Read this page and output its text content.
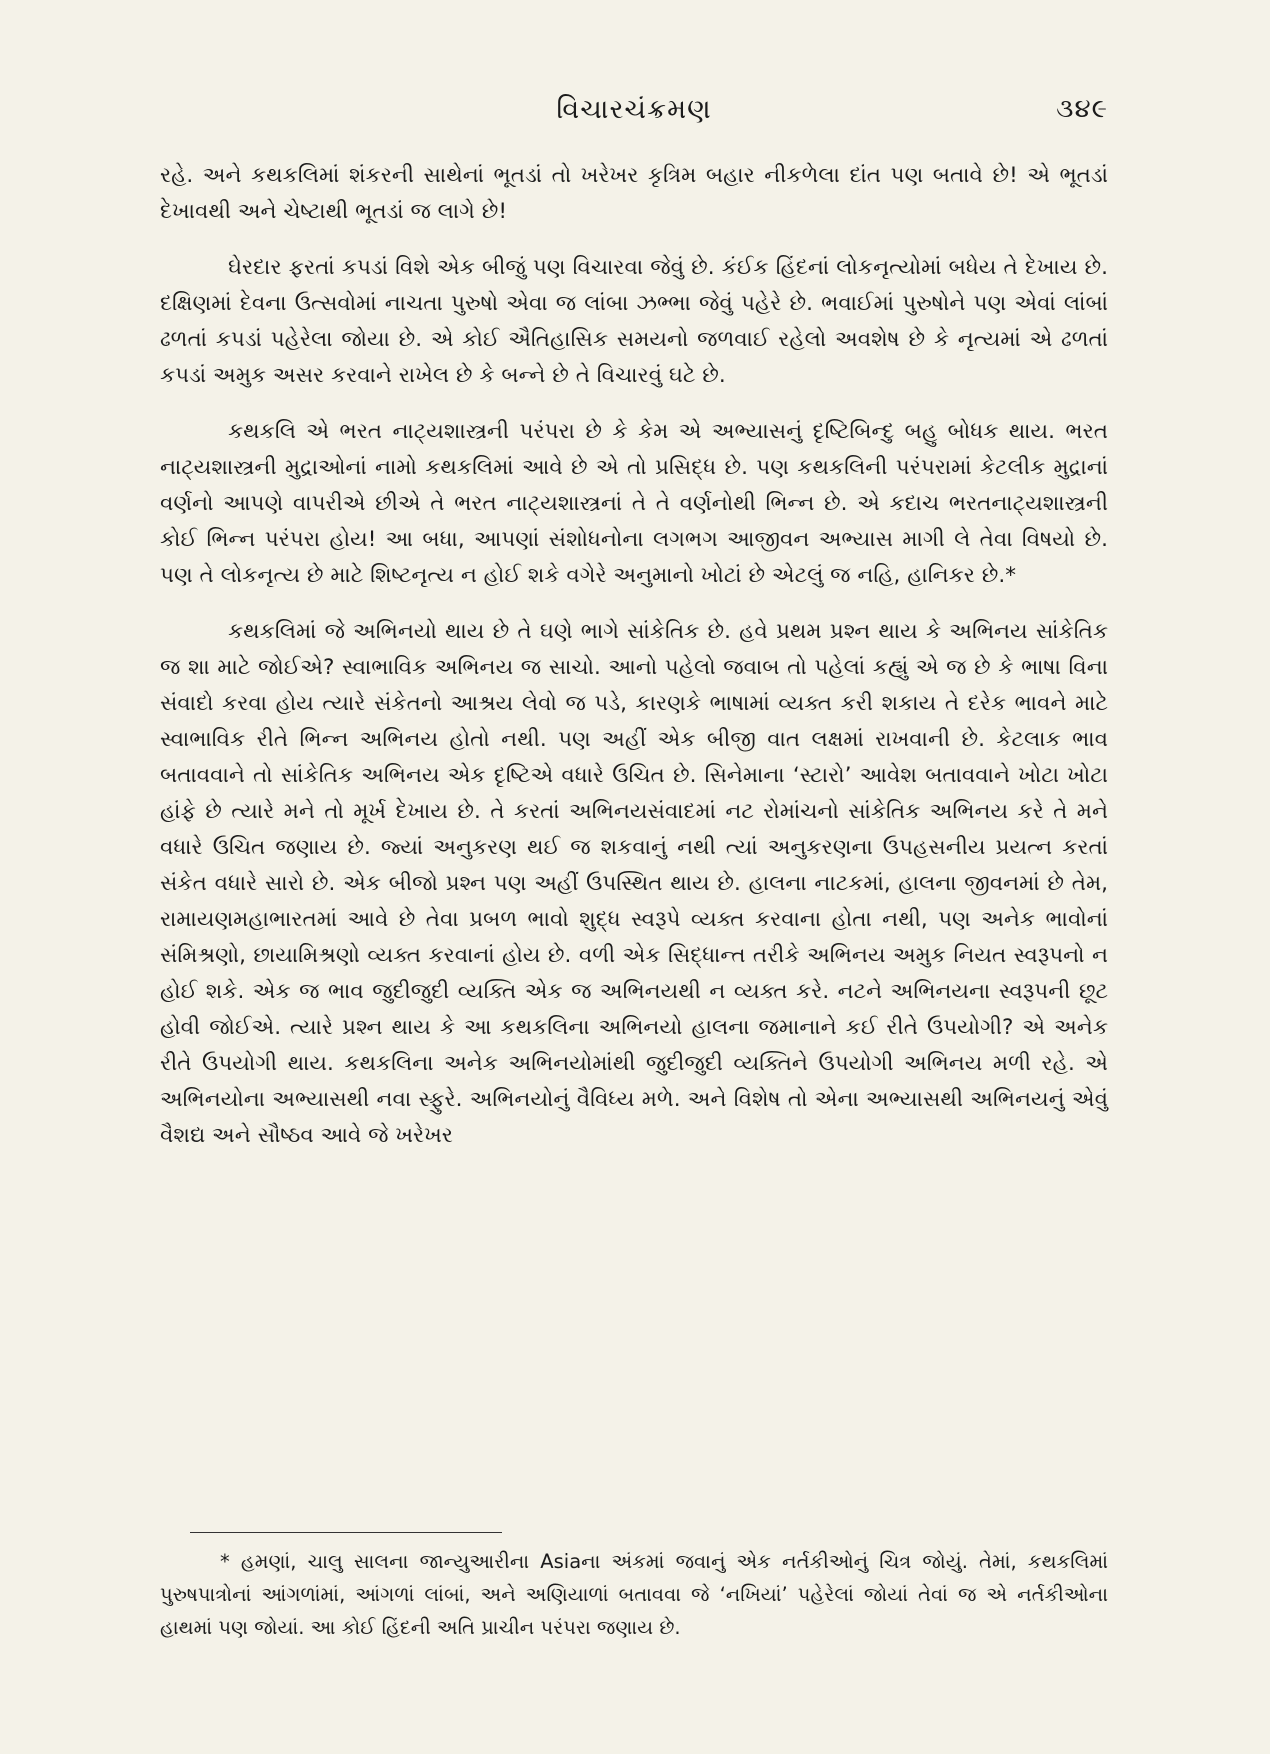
વિચારચંક્રમણ	૩૪૯

રહે. અને કથકલિમાં શંકરની સાથેનાં ભૂતડાં તો ખરેખર કૃત્રિમ બહાર નીકળેલા દાંત પણ બતાવે છે! એ ભૂતડાં દેખાવથી અને ચેષ્ટાથી ભૂતડાં જ લાગે છે!

ઘેરદાર ફરતાં કપડાં વિશે એક બીજું પણ વિચારવા જેવું છે. કંઈક હિંદનાં લોકનૃત્યોમાં બધેય તે દેખાય છે. દક્ષિણમાં દેવના ઉત્સવોમાં નાચતા પુરુષો એવા જ લાંબા ઝભ્ભા જેવું પહેરે છે. ભવાઈમાં પુરુષોને પણ એવાં લાંબાં ઢળતાં કપડાં પહેરેલા જોયા છે. એ કોઈ ઐતિહાસિક સમયનો જળવાઈ રહેલો અવશેષ છે કે નૃત્યમાં એ ઢળતાં કપડાં અમુક અસર કરવાને રાખેલ છે કે બન્ને છે તે વિચારવું ઘટે છે.

કથકલિ એ ભરત નાટ્યશાસ્ત્રની પરંપરા છે કે કેમ એ અભ્યાસનું દૃષ્ટિબિન્દુ બહુ બોધક થાય. ભરત નાટ્યશાસ્ત્રની મુદ્રાઓનાં નામો કથકલિમાં આવે છે એ તો પ્રસિદ્ધ છે. પણ કથકલિની પરંપરામાં કેટલીક મુદ્રાનાં વર્ણનો આપણે વાપરીએ છીએ તે ભરત નાટ્યશાસ્ત્રનાં તે તે વર્ણનોથી ભિન્ન છે. એ કદાચ ભરતનાટ્યશાસ્ત્રની કોઈ ભિન્ન પરંપરા હોય! આ બધા, આપણાં સંશોધનોના લગભગ આજીવન અભ્યાસ માગી લે તેવા વિષયો છે. પણ તે લોકનૃત્ય છે માટે શિષ્ટનૃત્ય ન હોઈ શકે વગેરે અનુમાનો ખોટાં છે એટલું જ નહિ, હાનિકર છે.*

કથકલિમાં જે અભિનયો થાય છે તે ઘણે ભાગે સાંકેતિક છે. હવે પ્રથમ પ્રશ્ન થાય કે અભિનય સાંકેતિક જ શા માટે જોઈએ? સ્વાભાવિક અભિનય જ સાચો. આનો પહેલો જવાબ તો પહેલાં કહ્યું એ જ છે કે ભાષા વિના સંવાદો કરવા હોય ત્યારે સંકેતનો આશ્રય લેવો જ પડે, કારણકે ભાષામાં વ્યક્ત કરી શકાય તે દરેક ભાવને માટે સ્વાભાવિક રીતે ભિન્ન અભિનય હોતો નથી. પણ અહીં એક બીજી વાત લક્ષમાં રાખવાની છે. કેટલાક ભાવ બતાવવાને તો સાંકેતિક અભિનય એક દૃષ્ટિએ વધારે ઉચિત છે. સિનેમાના ‘સ્ટારો’ આવેશ બતાવવાને ખોટા ખોટા હાંફે છે ત્યારે મને તો મૂર્ખ દેખાય છે. તે કરતાં અભિનયસંવાદમાં નટ રોમાંચનો સાંકેતિક અભિનય કરે તે મને વધારે ઉચિત જણાય છે. જ્યાં અનુકરણ થઈ જ શકવાનું નથી ત્યાં અનુકરણના ઉપહસનીય પ્રયત્ન કરતાં સંકેત વધારે સારો છે. એક બીજો પ્રશ્ન પણ અહીં ઉપસ્થિત થાય છે. હાલના નાટકમાં, હાલના જીવનમાં છે તેમ, રામાયણમહાભારતમાં આવે છે તેવા પ્રબળ ભાવો શુદ્ધ સ્વરૂપે વ્યક્ત કરવાના હોતા નથી, પણ અનેક ભાવોનાં સંમિશ્રણો, છાયામિશ્રણો વ્યક્ત કરવાનાં હોય છે. વળી એક સિદ્ધાન્ત તરીકે અભિનય અમુક નિયત સ્વરૂપનો ન હોઈ શકે. એક જ ભાવ જુદીજુદી વ્યક્તિ એક જ અભિનયથી ન વ્યક્ત કરે. નટને અભિનયના સ્વરૂપની છૂટ હોવી જોઈએ. ત્યારે પ્રશ્ન થાય કે આ કથકલિના અભિનયો હાલના જમાનાને કઈ રીતે ઉપયોગી? એ અનેક રીતે ઉપયોગી થાય. કથકલિના અનેક અભિનયોમાંથી જુદીજુદી વ્યક્તિને ઉપયોગી અભિનય મળી રહે. એ અભિનયોના અભ્યાસથી નવા સ્ફુરે. અભિનયોનું વૈવિધ્ય મળે. અને વિશેષ તો એના અભ્યાસથી અભિનયનું એવું વૈશદ્ય અને સૌષ્ઠવ આવે જે ખરેખર

* હમણાં, ચાલુ સાલના જાન્યુઆરીના Asiaના અંકમાં જવાનું એક નર્તકીઓનું ચિત્ર જોયું. તેમાં, કથકલિમાં પુરુષપાત્રોનાં આંગળાંમાં, આંગળાં લાંબાં, અને અણિયાળાં બતાવવા જે ‘નખિયાં’ પહેરેલાં જોયાં તેવાં જ એ નર્તકીઓના હાથમાં પણ જોયાં. આ કોઈ હિંદની અતિ પ્રાચીન પરંપરા જણાય છે.
